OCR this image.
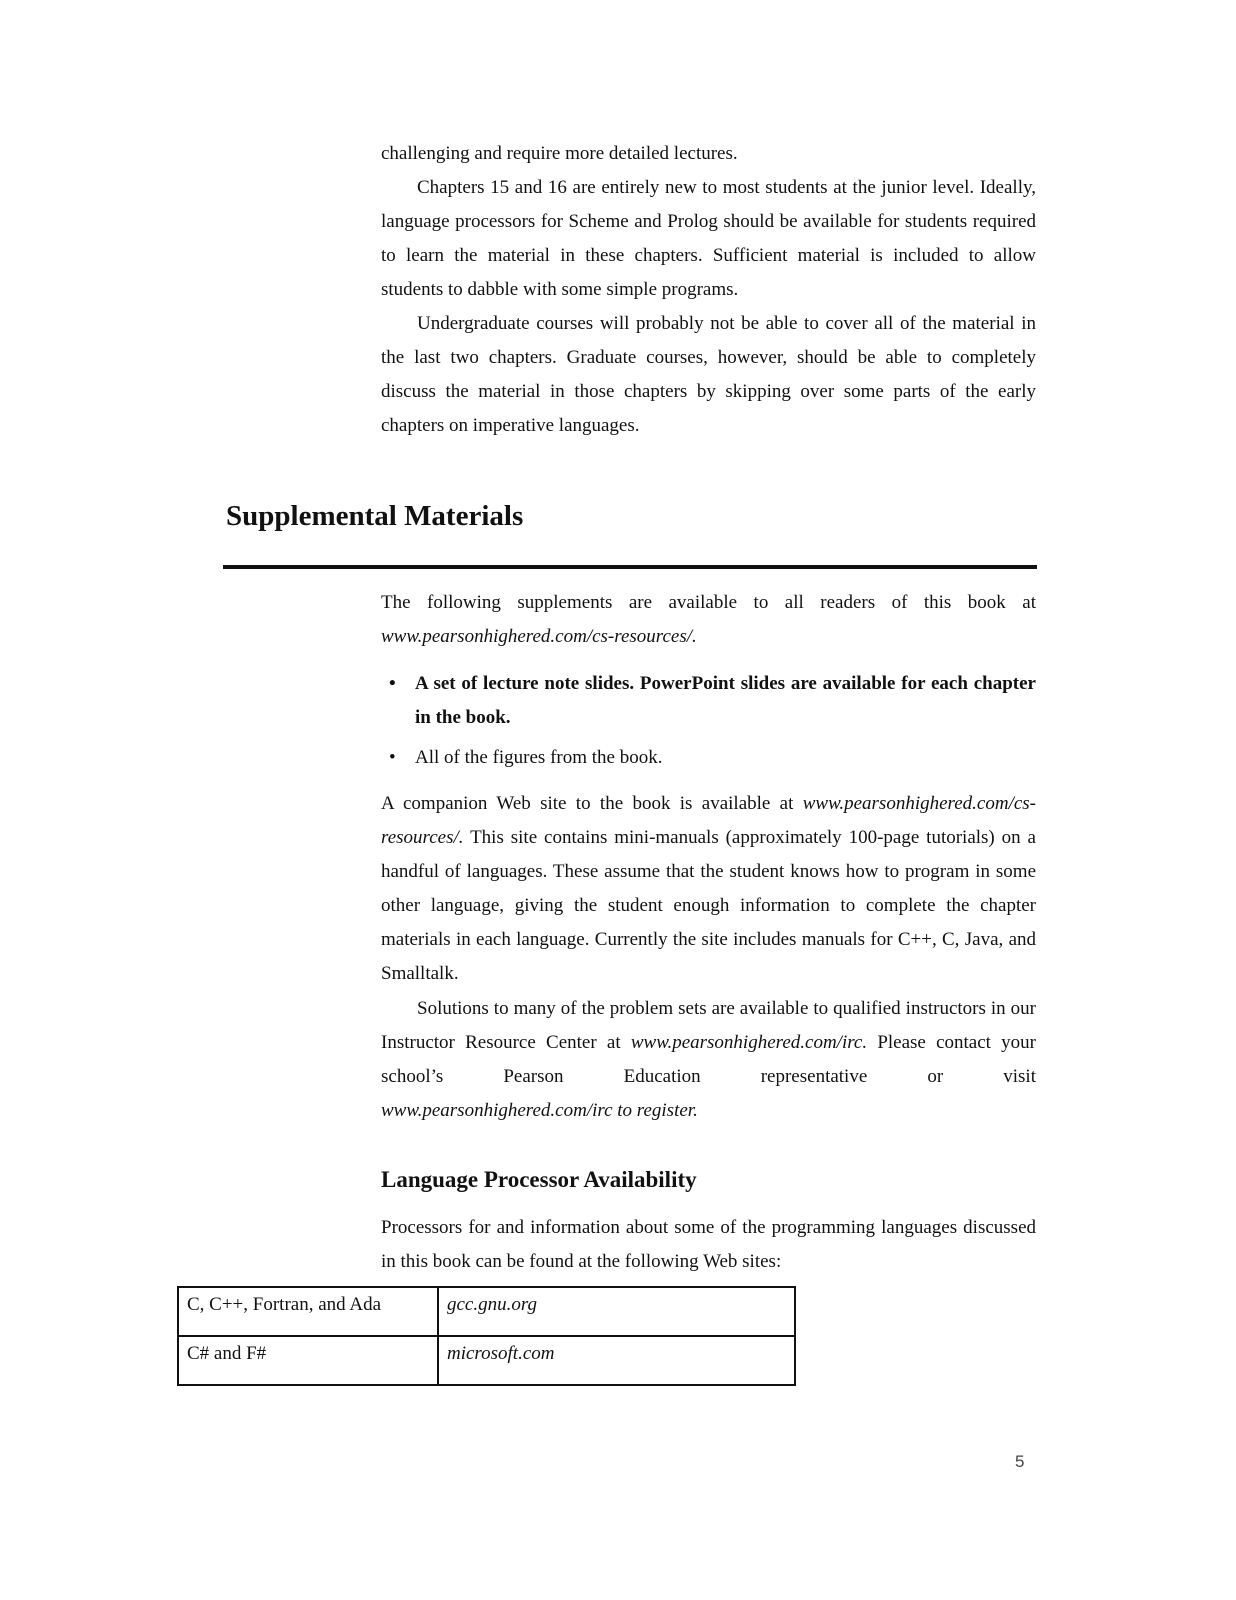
challenging and require more detailed lectures.

Chapters 15 and 16 are entirely new to most students at the junior level. Ideally, language processors for Scheme and Prolog should be available for students required to learn the material in these chapters. Sufficient material is included to allow students to dabble with some simple programs.

Undergraduate courses will probably not be able to cover all of the material in the last two chapters. Graduate courses, however, should be able to completely discuss the material in those chapters by skipping over some parts of the early chapters on imperative languages.

Supplemental Materials
The following supplements are available to all readers of this book at www.pearsonhighered.com/cs-resources/.
• A set of lecture note slides. PowerPoint slides are available for each chapter in the book.
• All of the figures from the book.
A companion Web site to the book is available at www.pearsonhighered.com/cs-resources/. This site contains mini-manuals (approximately 100-page tutorials) on a handful of languages. These assume that the student knows how to program in some other language, giving the student enough information to complete the chapter materials in each language. Currently the site includes manuals for C++, C, Java, and Smalltalk.

Solutions to many of the problem sets are available to qualified instructors in our Instructor Resource Center at www.pearsonhighered.com/irc. Please contact your school’s Pearson Education representative or visit

www.pearsonhighered.com/irc to register.

Language Processor Availability
Processors for and information about some of the programming languages discussed in this book can be found at the following Web sites:
C, C++, Fortran, and Ada	gcc.gnu.org
C# and F#	microsoft.com
5
